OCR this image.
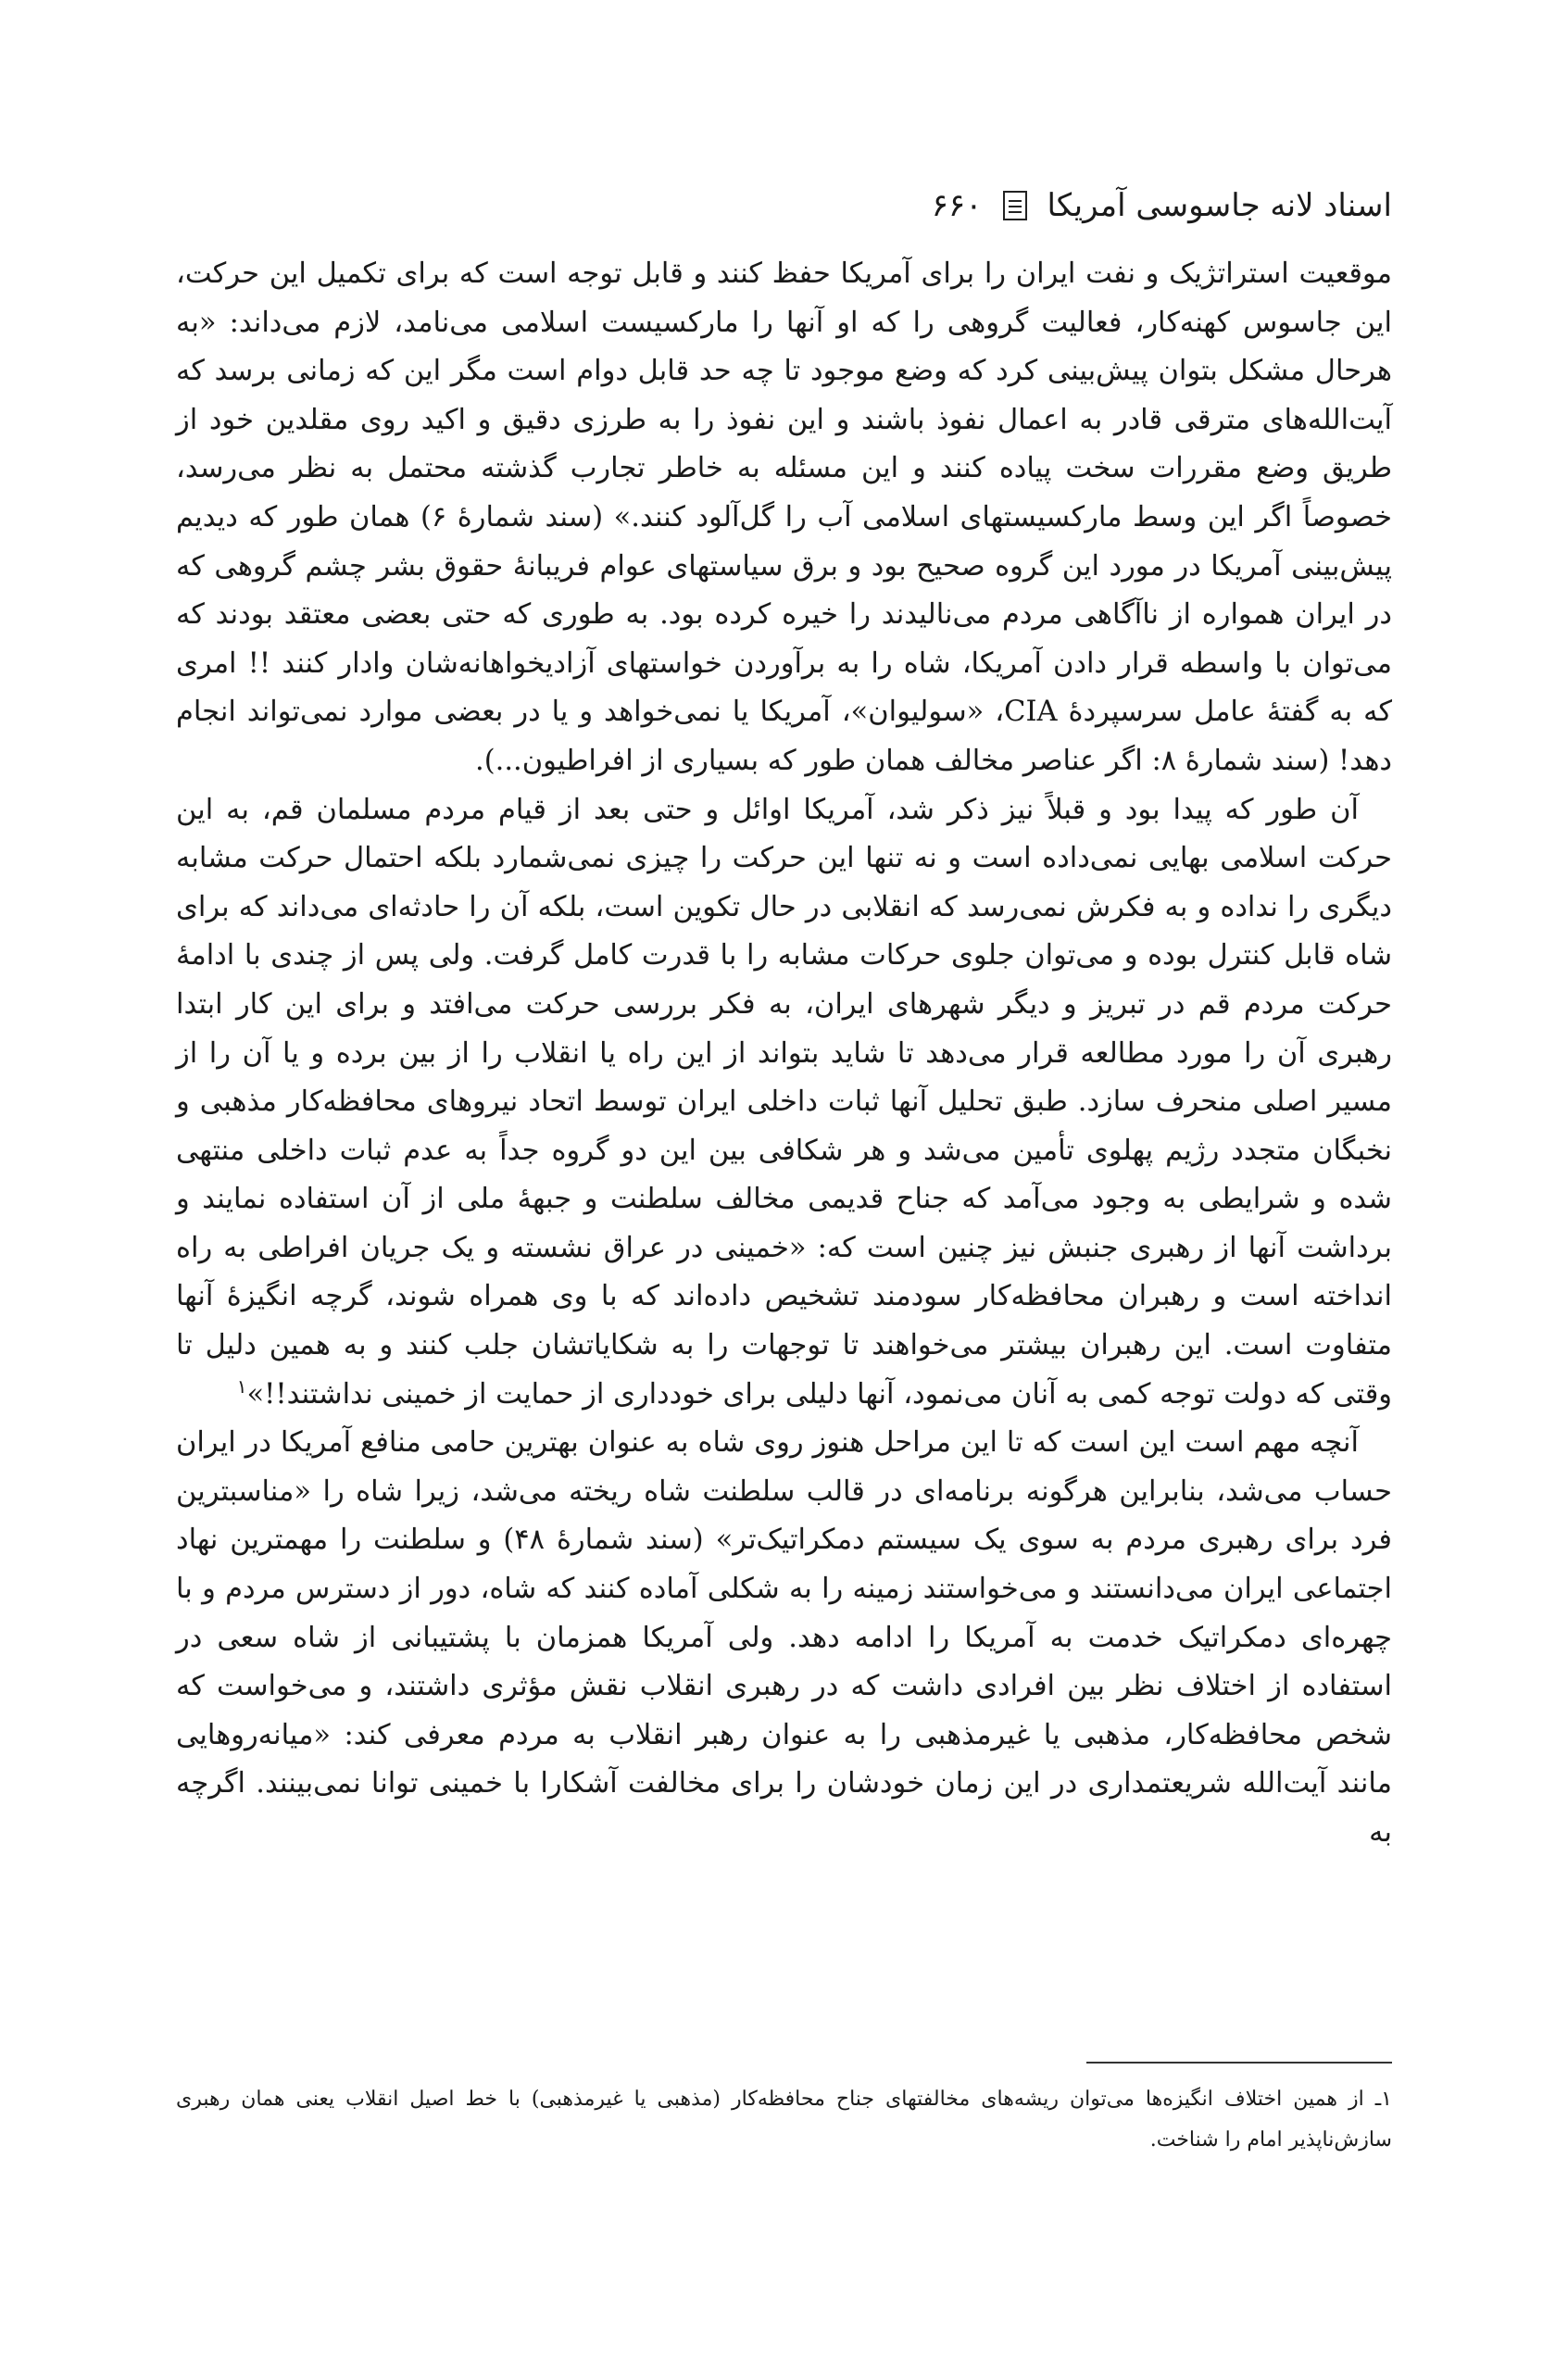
اسناد لانه جاسوسی آمریکا
۶۶۰

موقعیت استراتژیک و نفت ایران را برای آمریکا حفظ کنند و قابل توجه است که برای تکمیل این حرکت، این جاسوس کهنه‌کار، فعالیت گروهی را که او آنها را مارکسیست اسلامی می‌نامد، لازم می‌داند: «به هرحال مشکل بتوان پیش‌بینی کرد که وضع موجود تا چه حد قابل دوام است مگر این که زمانی برسد که آیت‌الله‌های مترقی قادر به اعمال نفوذ باشند و این نفوذ را به طرزی دقیق و اکید روی مقلدین خود از طریق وضع مقررات سخت پیاده کنند و این مسئله به خاطر تجارب گذشته محتمل به نظر می‌رسد، خصوصاً اگر این وسط مارکسیستهای اسلامی آب را گل‌آلود کنند.» (سند شمارهٔ ۶) همان طور که دیدیم پیش‌بینی آمریکا در مورد این گروه صحیح بود و برق سیاستهای عوام فریبانهٔ حقوق بشر چشم گروهی که در ایران همواره از ناآگاهی مردم می‌نالیدند را خیره کرده بود. به طوری که حتی بعضی معتقد بودند که می‌توان با واسطه قرار دادن آمریکا، شاه را به برآوردن خواستهای آزادیخواهانه‌شان وادار کنند !! امری که به گفتهٔ عامل سرسپردهٔ CIA، «سولیوان»، آمریکا یا نمی‌خواهد و یا در بعضی موارد نمی‌تواند انجام دهد! (سند شمارهٔ ۸: اگر عناصر مخالف همان طور که بسیاری از افراطیون...).

آن طور که پیدا بود و قبلاً نیز ذکر شد، آمریکا اوائل و حتی بعد از قیام مردم مسلمان قم، به این حرکت اسلامی بهایی نمی‌داده است و نه تنها این حرکت را چیزی نمی‌شمارد بلکه احتمال حرکت مشابه دیگری را نداده و به فکرش نمی‌رسد که انقلابی در حال تکوین است، بلکه آن را حادثه‌ای می‌داند که برای شاه قابل کنترل بوده و می‌توان جلوی حرکات مشابه را با قدرت کامل گرفت. ولی پس از چندی با ادامهٔ حرکت مردم قم در تبریز و دیگر شهرهای ایران، به فکر بررسی حرکت می‌افتد و برای این کار ابتدا رهبری آن را مورد مطالعه قرار می‌دهد تا شاید بتواند از این راه یا انقلاب را از بین برده و یا آن را از مسیر اصلی منحرف سازد. طبق تحلیل آنها ثبات داخلی ایران توسط اتحاد نیروهای محافظه‌کار مذهبی و نخبگان متجدد رژیم پهلوی تأمین می‌شد و هر شکافی بین این دو گروه جداً به عدم ثبات داخلی منتهی شده و شرایطی به وجود می‌آمد که جناح قدیمی مخالف سلطنت و جبههٔ ملی از آن استفاده نمایند و برداشت آنها از رهبری جنبش نیز چنین است که: «خمینی در عراق نشسته و یک جریان افراطی به راه انداخته است و رهبران محافظه‌کار سودمند تشخیص داده‌اند که با وی همراه شوند، گرچه انگیزهٔ آنها متفاوت است. این رهبران بیشتر می‌خواهند تا توجهات را به شکایاتشان جلب کنند و به همین دلیل تا وقتی که دولت توجه کمی به آنان می‌نمود، آنها دلیلی برای خودداری از حمایت از خمینی نداشتند!!»$^۱$

آنچه مهم است این است که تا این مراحل هنوز روی شاه به عنوان بهترین حامی منافع آمریکا در ایران حساب می‌شد، بنابراین هرگونه برنامه‌ای در قالب سلطنت شاه ریخته می‌شد، زیرا شاه را «مناسبترین فرد برای رهبری مردم به سوی یک سیستم دمکراتیک‌تر» (سند شمارهٔ ۴۸) و سلطنت را مهمترین نهاد اجتماعی ایران می‌دانستند و می‌خواستند زمینه را به شکلی آماده کنند که شاه، دور از دسترس مردم و با چهره‌ای دمکراتیک خدمت به آمریکا را ادامه دهد. ولی آمریکا همزمان با پشتیبانی از شاه سعی در استفاده از اختلاف نظر بین افرادی داشت که در رهبری انقلاب نقش مؤثری داشتند، و می‌خواست که شخص محافظه‌کار، مذهبی یا غیرمذهبی را به عنوان رهبر انقلاب به مردم معرفی کند: «میانه‌روهایی مانند آیت‌الله شریعتمداری در این زمان خودشان را برای مخالفت آشکارا با خمینی توانا نمی‌بینند. اگرچه به

۱ـ از همین اختلاف انگیزه‌ها می‌توان ریشه‌های مخالفتهای جناح محافظه‌کار (مذهبی یا غیرمذهبی) با خط اصیل انقلاب یعنی همان رهبری سازش‌ناپذیر امام را شناخت.
